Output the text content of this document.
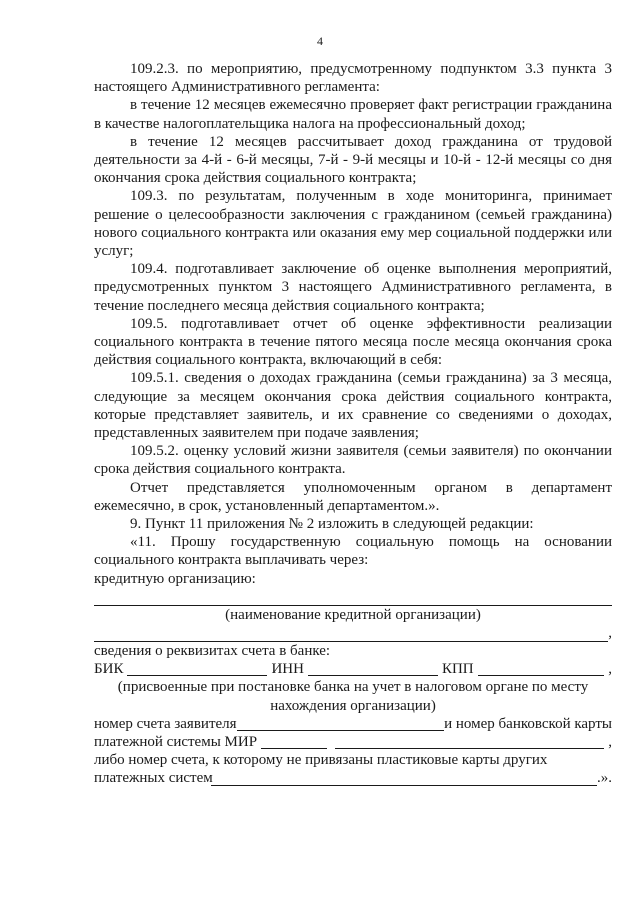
4

109.2.3. по мероприятию, предусмотренному подпунктом 3.3 пункта 3 настоящего Административного регламента:

в течение 12 месяцев ежемесячно проверяет факт регистрации гражданина в качестве налогоплательщика налога на профессиональный доход;

в течение 12 месяцев рассчитывает доход гражданина от трудовой деятельности за 4-й - 6-й месяцы, 7-й - 9-й месяцы и 10-й - 12-й месяцы со дня окончания срока действия социального контракта;

109.3. по результатам, полученным в ходе мониторинга, принимает решение о целесообразности заключения с гражданином (семьей гражданина) нового социального контракта или оказания ему мер социальной поддержки или услуг;

109.4. подготавливает заключение об оценке выполнения мероприятий, предусмотренных пунктом 3 настоящего Административного регламента, в течение последнего месяца действия социального контракта;

109.5. подготавливает отчет об оценке эффективности реализации социального контракта в течение пятого месяца после месяца окончания срока действия социального контракта, включающий в себя:

109.5.1. сведения о доходах гражданина (семьи гражданина) за 3 месяца, следующие за месяцем окончания срока действия социального контракта, которые представляет заявитель, и их сравнение со сведениями о доходах, представленных заявителем при подаче заявления;

109.5.2. оценку условий жизни заявителя (семьи заявителя) по окончании срока действия социального контракта.

Отчет представляется уполномоченным органом в департамент ежемесячно, в срок, установленный департаментом.».

9. Пункт 11 приложения № 2 изложить в следующей редакции:

«11. Прошу государственную социальную помощь на основании социального контракта выплачивать через:

кредитную организацию:

(наименование кредитной организации)

,

сведения о реквизитах счета в банке:

БИК	ИНН	КПП	,

(присвоенные при постановке банка на учет в налоговом органе по месту нахождения организации)

номер счета заявителя	и номер банковской карты
платежной системы МИР	,
либо номер счета, к которому не привязаны пластиковые карты других платежных систем	.».
